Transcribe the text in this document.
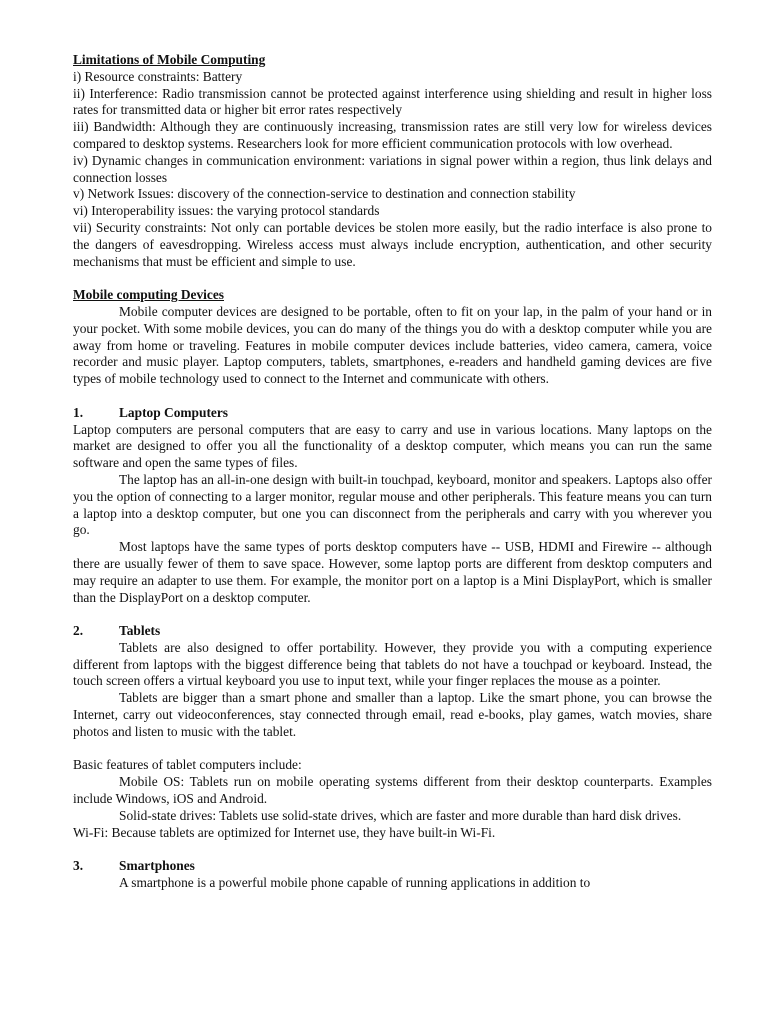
Limitations of Mobile Computing

i) Resource constraints: Battery

ii) Interference: Radio transmission cannot be protected against interference using shielding and result in higher loss rates for transmitted data or higher bit error rates respectively

iii) Bandwidth: Although they are continuously increasing, transmission rates are still very low for wireless devices compared to desktop systems. Researchers look for more efficient communication protocols with low overhead.

iv) Dynamic changes in communication environment: variations in signal power within a region, thus link delays and connection losses

v) Network Issues: discovery of the connection-service to destination and connection stability

vi) Interoperability issues: the varying protocol standards

vii) Security constraints: Not only can portable devices be stolen more easily, but the radio interface is also prone to the dangers of eavesdropping. Wireless access must always include encryption, authentication, and other security mechanisms that must be efficient and simple to use.

Mobile computing Devices

Mobile computer devices are designed to be portable, often to fit on your lap, in the palm of your hand or in your pocket. With some mobile devices, you can do many of the things you do with a desktop computer while you are away from home or traveling. Features in mobile computer devices include batteries, video camera, camera, voice recorder and music player. Laptop computers, tablets, smartphones, e-readers and handheld gaming devices are five types of mobile technology used to connect to the Internet and communicate with others.

1.	Laptop Computers

Laptop computers are personal computers that are easy to carry and use in various locations. Many laptops on the market are designed to offer you all the functionality of a desktop computer, which means you can run the same software and open the same types of files.

The laptop has an all-in-one design with built-in touchpad, keyboard, monitor and speakers. Laptops also offer you the option of connecting to a larger monitor, regular mouse and other peripherals. This feature means you can turn a laptop into a desktop computer, but one you can disconnect from the peripherals and carry with you wherever you go.

Most laptops have the same types of ports desktop computers have -- USB, HDMI and Firewire -- although there are usually fewer of them to save space. However, some laptop ports are different from desktop computers and may require an adapter to use them. For example, the monitor port on a laptop is a Mini DisplayPort, which is smaller than the DisplayPort on a desktop computer.

2.	Tablets

Tablets are also designed to offer portability. However, they provide you with a computing experience different from laptops with the biggest difference being that tablets do not have a touchpad or keyboard. Instead, the touch screen offers a virtual keyboard you use to input text, while your finger replaces the mouse as a pointer.

Tablets are bigger than a smart phone and smaller than a laptop. Like the smart phone, you can browse the Internet, carry out videoconferences, stay connected through email, read e-books, play games, watch movies, share photos and listen to music with the tablet.

Basic features of tablet computers include:

Mobile OS: Tablets run on mobile operating systems different from their desktop counterparts. Examples include Windows, iOS and Android.

Solid-state drives: Tablets use solid-state drives, which are faster and more durable than hard disk drives.

Wi-Fi: Because tablets are optimized for Internet use, they have built-in Wi-Fi.

3.	Smartphones

A smartphone is a powerful mobile phone capable of running applications in addition to
